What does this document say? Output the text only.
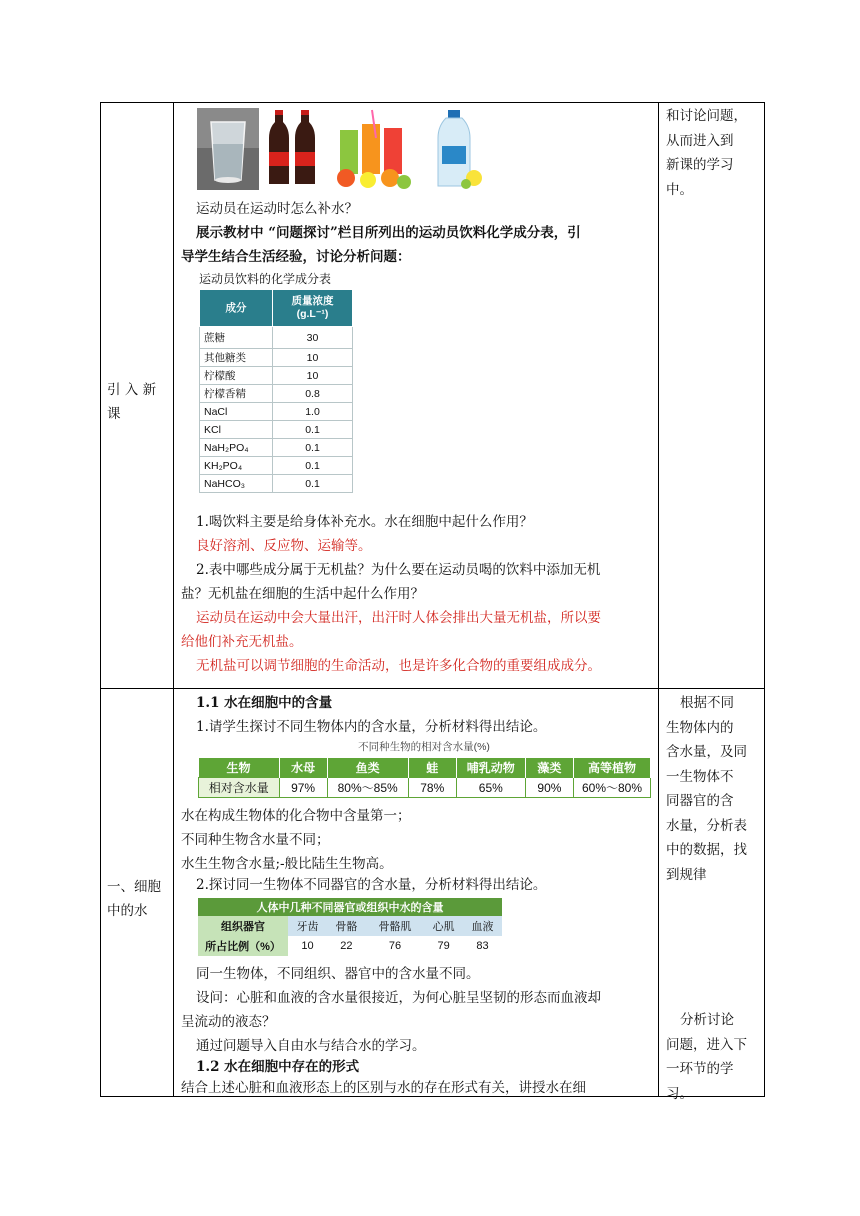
引 入 新
课
运动员在运动时怎么补水？
展示教材中 “问题探讨”栏目所列出的运动员饮料化学成分表，引
导学生结合生活经验，讨论分析问题：
运动员饮料的化学成分表
成分	质量浓度
(g.L⁻¹)

蔗糖	30
其他糖类	10
柠檬酸	10
柠檬香精	0.8
NaCl	1.0
KCl	0.1
NaH₂PO₄	0.1
KH₂PO₄	0.1
NaHCO₃	0.1
1.喝饮料主要是给身体补充水。水在细胞中起什么作用？
良好溶剂、反应物、运输等。
2.表中哪些成分属于无机盐？为什么要在运动员喝的饮料中添加无机
盐？无机盐在细胞的生活中起什么作用？
运动员在运动中会大量出汗，出汗时人体会排出大量无机盐，所以要
给他们补充无机盐。
无机盐可以调节细胞的生命活动，也是许多化合物的重要组成成分。
和讨论问题，
从而进入到
新课的学习
中。
一、细胞
中的水
1.1 水在细胞中的含量
1.请学生探讨不同生物体内的含水量，分析材料得出结论。
不同种生物的相对含水量(%)
生物	水母	鱼类	蛙	哺乳动物	藻类	高等植物
相对含水量	97%	80%～85%	78%	65%	90%	60%～80%
水在构成生物体的化合物中含量第一；
不同种生物含水量不同；
水生生物含水量;-般比陆生生物高。
2.探讨同一生物体不同器官的含水量，分析材料得出结论。
人体中几种不同器官或组织中水的含量					
组织器官	牙齿	骨骼	骨骼肌	心肌	血液
所占比例（%）	10	22	76	79	83
同一生物体，不同组织、器官中的含水量不同。
设问：心脏和血液的含水量很接近，为何心脏呈坚韧的形态而血液却
呈流动的液态？
通过问题导入自由水与结合水的学习。
1.2 水在细胞中存在的形式
结合上述心脏和血液形态上的区别与水的存在形式有关，讲授水在细
根据不同
生物体内的
含水量，及同
一生物体不
同器官的含
水量，分析表
中的数据，找
到规律
分析讨论
问题，进入下
一环节的学
习。
